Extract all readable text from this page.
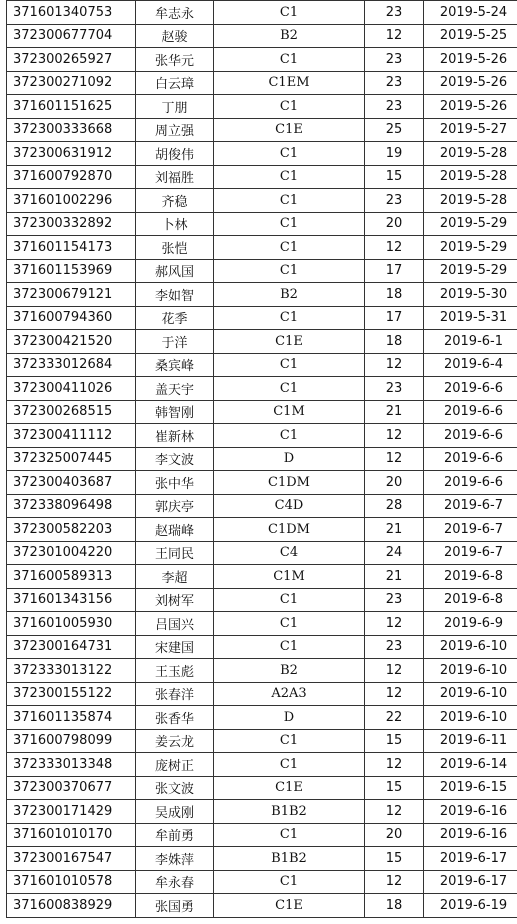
371601340753	牟志永	C1	23	2019-5-24
372300677704	赵骏	B2	12	2019-5-25
372300265927	张华元	C1	23	2019-5-26
372300271092	白云璋	C1EM	23	2019-5-26
371601151625	丁朋	C1	23	2019-5-26
372300333668	周立强	C1E	25	2019-5-27
372300631912	胡俊伟	C1	19	2019-5-28
371600792870	刘福胜	C1	15	2019-5-28
371601002296	齐稳	C1	23	2019-5-28
372300332892	卜林	C1	20	2019-5-29
371601154173	张恺	C1	12	2019-5-29
371601153969	郝风国	C1	17	2019-5-29
372300679121	李如智	B2	18	2019-5-30
371600794360	花季	C1	17	2019-5-31
372300421520	于洋	C1E	18	2019-6-1
372333012684	桑宾峰	C1	12	2019-6-4
372300411026	盖天宇	C1	23	2019-6-6
372300268515	韩智刚	C1M	21	2019-6-6
372300411112	崔新林	C1	12	2019-6-6
372325007445	李文波	D	12	2019-6-6
372300403687	张中华	C1DM	20	2019-6-6
372338096498	郭庆亭	C4D	28	2019-6-7
372300582203	赵瑞峰	C1DM	21	2019-6-7
372301004220	王同民	C4	24	2019-6-7
371600589313	李超	C1M	21	2019-6-8
371601343156	刘树军	C1	23	2019-6-8
371601005930	吕国兴	C1	12	2019-6-9
372300164731	宋建国	C1	23	2019-6-10
372333013122	王玉彪	B2	12	2019-6-10
372300155122	张春洋	A2A3	12	2019-6-10
371601135874	张香华	D	22	2019-6-10
371600798099	姜云龙	C1	15	2019-6-11
372333013348	庞树正	C1	12	2019-6-14
372300370677	张文波	C1E	15	2019-6-15
372300171429	吴成刚	B1B2	12	2019-6-16
371601010170	牟前勇	C1	20	2019-6-16
372300167547	李姝萍	B1B2	15	2019-6-17
371601010578	牟永春	C1	12	2019-6-17
371600838929	张国勇	C1E	18	2019-6-19
